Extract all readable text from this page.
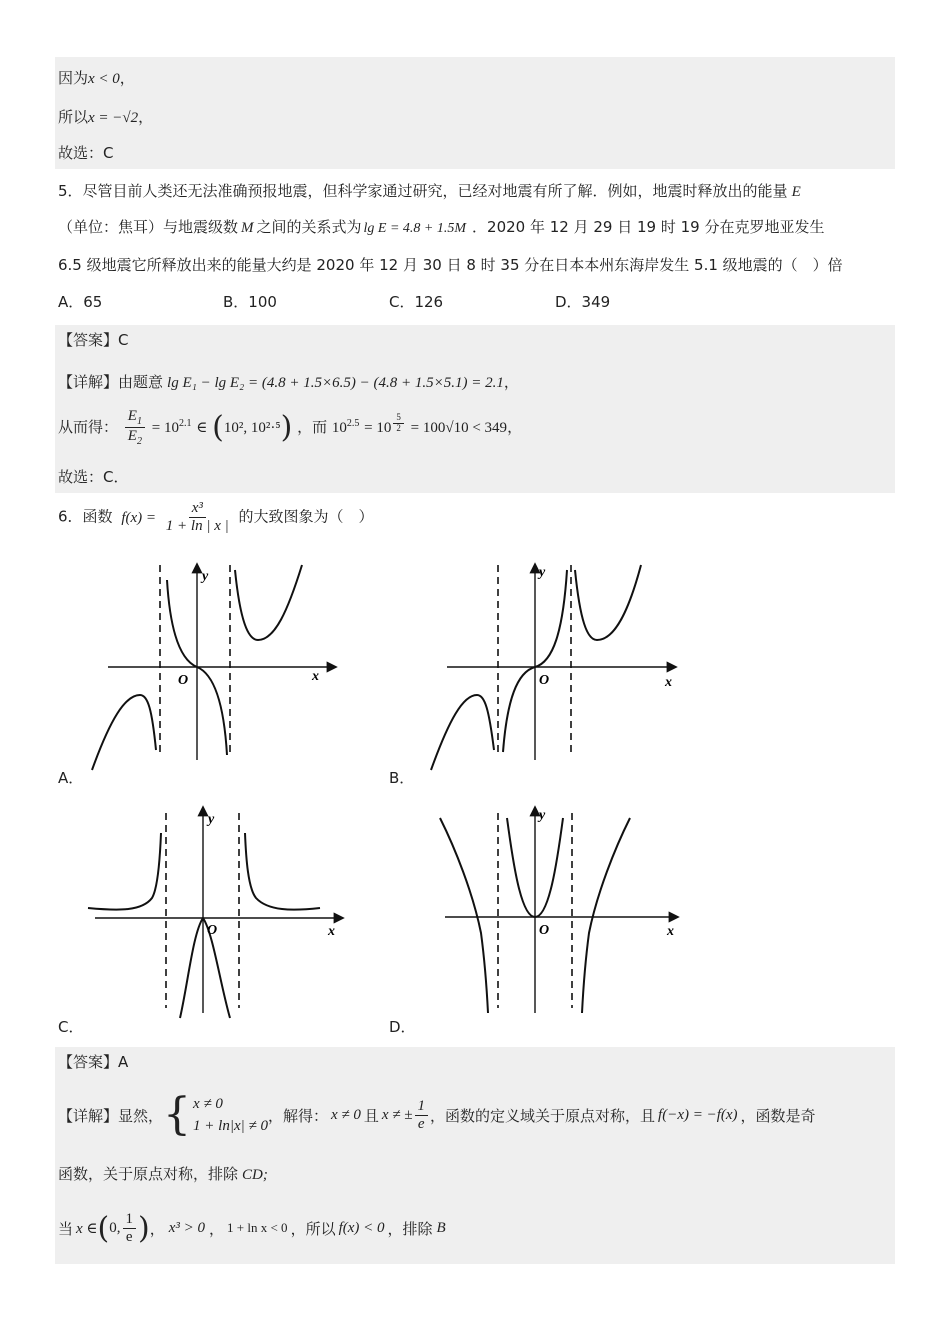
因为x < 0，
所以x = −√2，
故选：C
5．尽管目前人类还无法准确预报地震，但科学家通过研究，已经对地震有所了解．例如，地震时释放出的能量 E
（单位：焦耳）与地震级数 M 之间的关系式为 lg E = 4.8 + 1.5M ．2020 年 12 月 29 日 19 时 19 分在克罗地亚发生
6.5 级地震它所释放出来的能量大约是 2020 年 12 月 30 日 8 时 35 分在日本本州东海岸发生 5.1 级地震的（　）倍
A．65	B．100	C．126	D．349
【答案】C
【详解】由题意 lg E₁ − lg E₂ = (4.8 + 1.5×6.5) − (4.8 + 1.5×5.1) = 2.1，
从而得： $\frac{E_1}{E_2} = 10^{2.1}$ ∈ (10², 10²·⁵) ，而 $10^{2.5} = 10$ $^{\frac{5}{2}}$ = 100√10 < 349，
故选：C．
6．函数 $f(x) = \frac{\text{x³}}{1 + \ln | x |}$ 的大致图象为（　）
y
x
O
A．
y
x
O
B．
y
x
O
C．
y
x
O
D．
【答案】A
【详解】 显然， { x ≠ 0
1 + ln|x| ≠ 0
，解得： x ≠ 0 且 x ≠ ± $\frac{1}{e}$ ，函数的定义域关于原点对称，且 f(−x) = −f(x) ，函数是奇
函数，关于原点对称，排除 CD;
当 x ∈ ( 0, $\frac{1}{e}$ ) ， x³ > 0 ， 1 + ln x < 0 ，所以 f(x) < 0 ，排除 B
